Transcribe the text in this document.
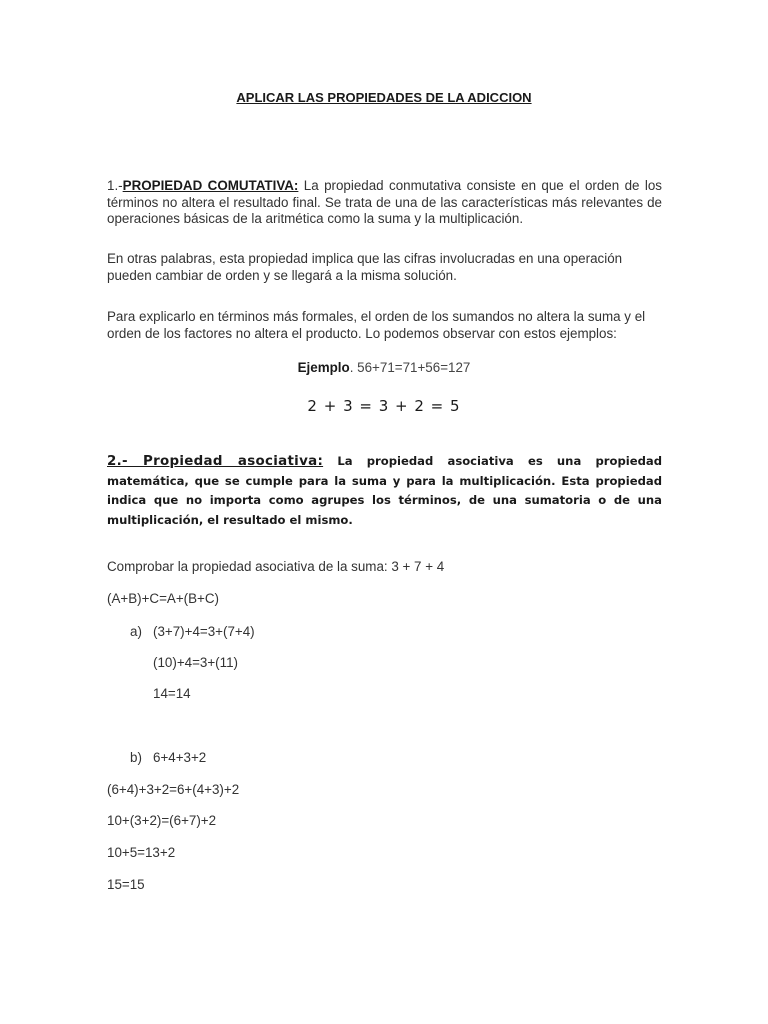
APLICAR LAS PROPIEDADES DE LA ADICCION
1.-PROPIEDAD COMUTATIVA: La propiedad conmutativa consiste en que el orden de los términos no altera el resultado final. Se trata de una de las características más relevantes de operaciones básicas de la aritmética como la suma y la multiplicación.
En otras palabras, esta propiedad implica que las cifras involucradas en una operación pueden cambiar de orden y se llegará a la misma solución.
Para explicarlo en términos más formales, el orden de los sumandos no altera la suma y el orden de los factores no altera el producto. Lo podemos observar con estos ejemplos:
Ejemplo. 56+71=71+56=127
2 + 3 = 3 + 2 = 5
2.- Propiedad asociativa: La propiedad asociativa es una propiedad matemática, que se cumple para la suma y para la multiplicación. Esta propiedad indica que no importa como agrupes los términos, de una sumatoria o de una multiplicación, el resultado el mismo.
Comprobar la propiedad asociativa de la suma: 3 + 7 + 4
(A+B)+C=A+(B+C)
a) (3+7)+4=3+(7+4)
(10)+4=3+(11)
14=14
b) 6+4+3+2
(6+4)+3+2=6+(4+3)+2
10+(3+2)=(6+7)+2
10+5=13+2
15=15
